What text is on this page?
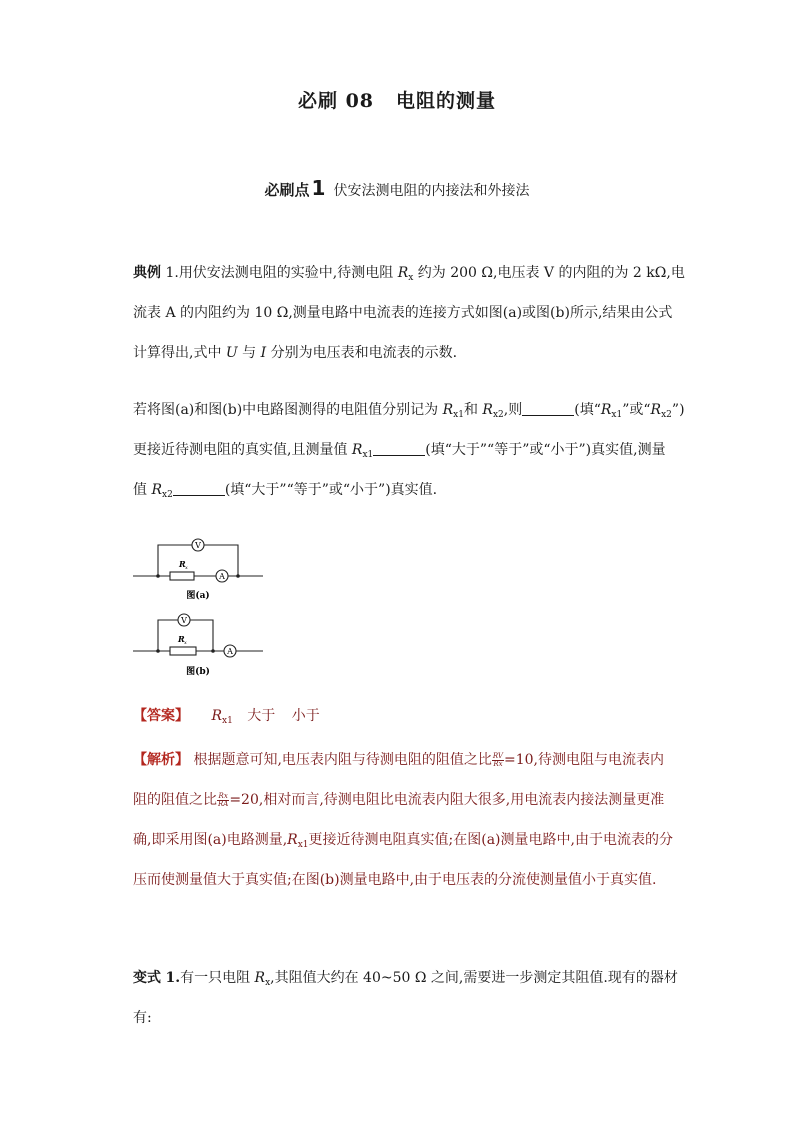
必刷 08 电阻的测量
必刷点 1 伏安法测电阻的内接法和外接法
典例 1.用伏安法测电阻的实验中,待测电阻 $R_x$ 约为 200 Ω,电压表 V 的内阻的为 2 kΩ,电
流表 A 的内阻约为 10 Ω,测量电路中电流表的连接方式如图(a)或图(b)所示,结果由公式
计算得出,式中 U 与 I 分别为电压表和电流表的示数.
若将图(a)和图(b)中电路图测得的电阻值分别记为 $R_{x1}$和 $R_{x2}$,则	(填“$R_{x1}$”或“$R_{x2}$”)
更接近待测电阻的真实值,且测量值 $R_{x1}$	(填“大于”“等于”或“小于”)真实值,测量
值 $R_{x2}$	(填“大于”“等于”或“小于”)真实值.
V
A
R x
图(a)
V
A
R x
图(b)
【答案】 $R_{x1}$ 大于 小于
【解析】 根据题意可知,电压表内阻与待测电阻的阻值之比 $\frac{RV}{Rx} =10$,待测电阻与电流表内
阻的阻值之比 $\frac{Rx}{RA} =20$,相对而言,待测电阻比电流表内阻大很多,用电流表内接法测量更准
确,即采用图(a)电路测量$,R_{x1}$更接近待测电阻真实值;在图(a)测量电路中,由于电流表的分
压而使测量值大于真实值;在图(b)测量电路中,由于电压表的分流使测量值小于真实值.
变式 1.有一只电阻 $R_x$,其阻值大约在 40~50 Ω 之间,需要进一步测定其阻值.现有的器材
有:
